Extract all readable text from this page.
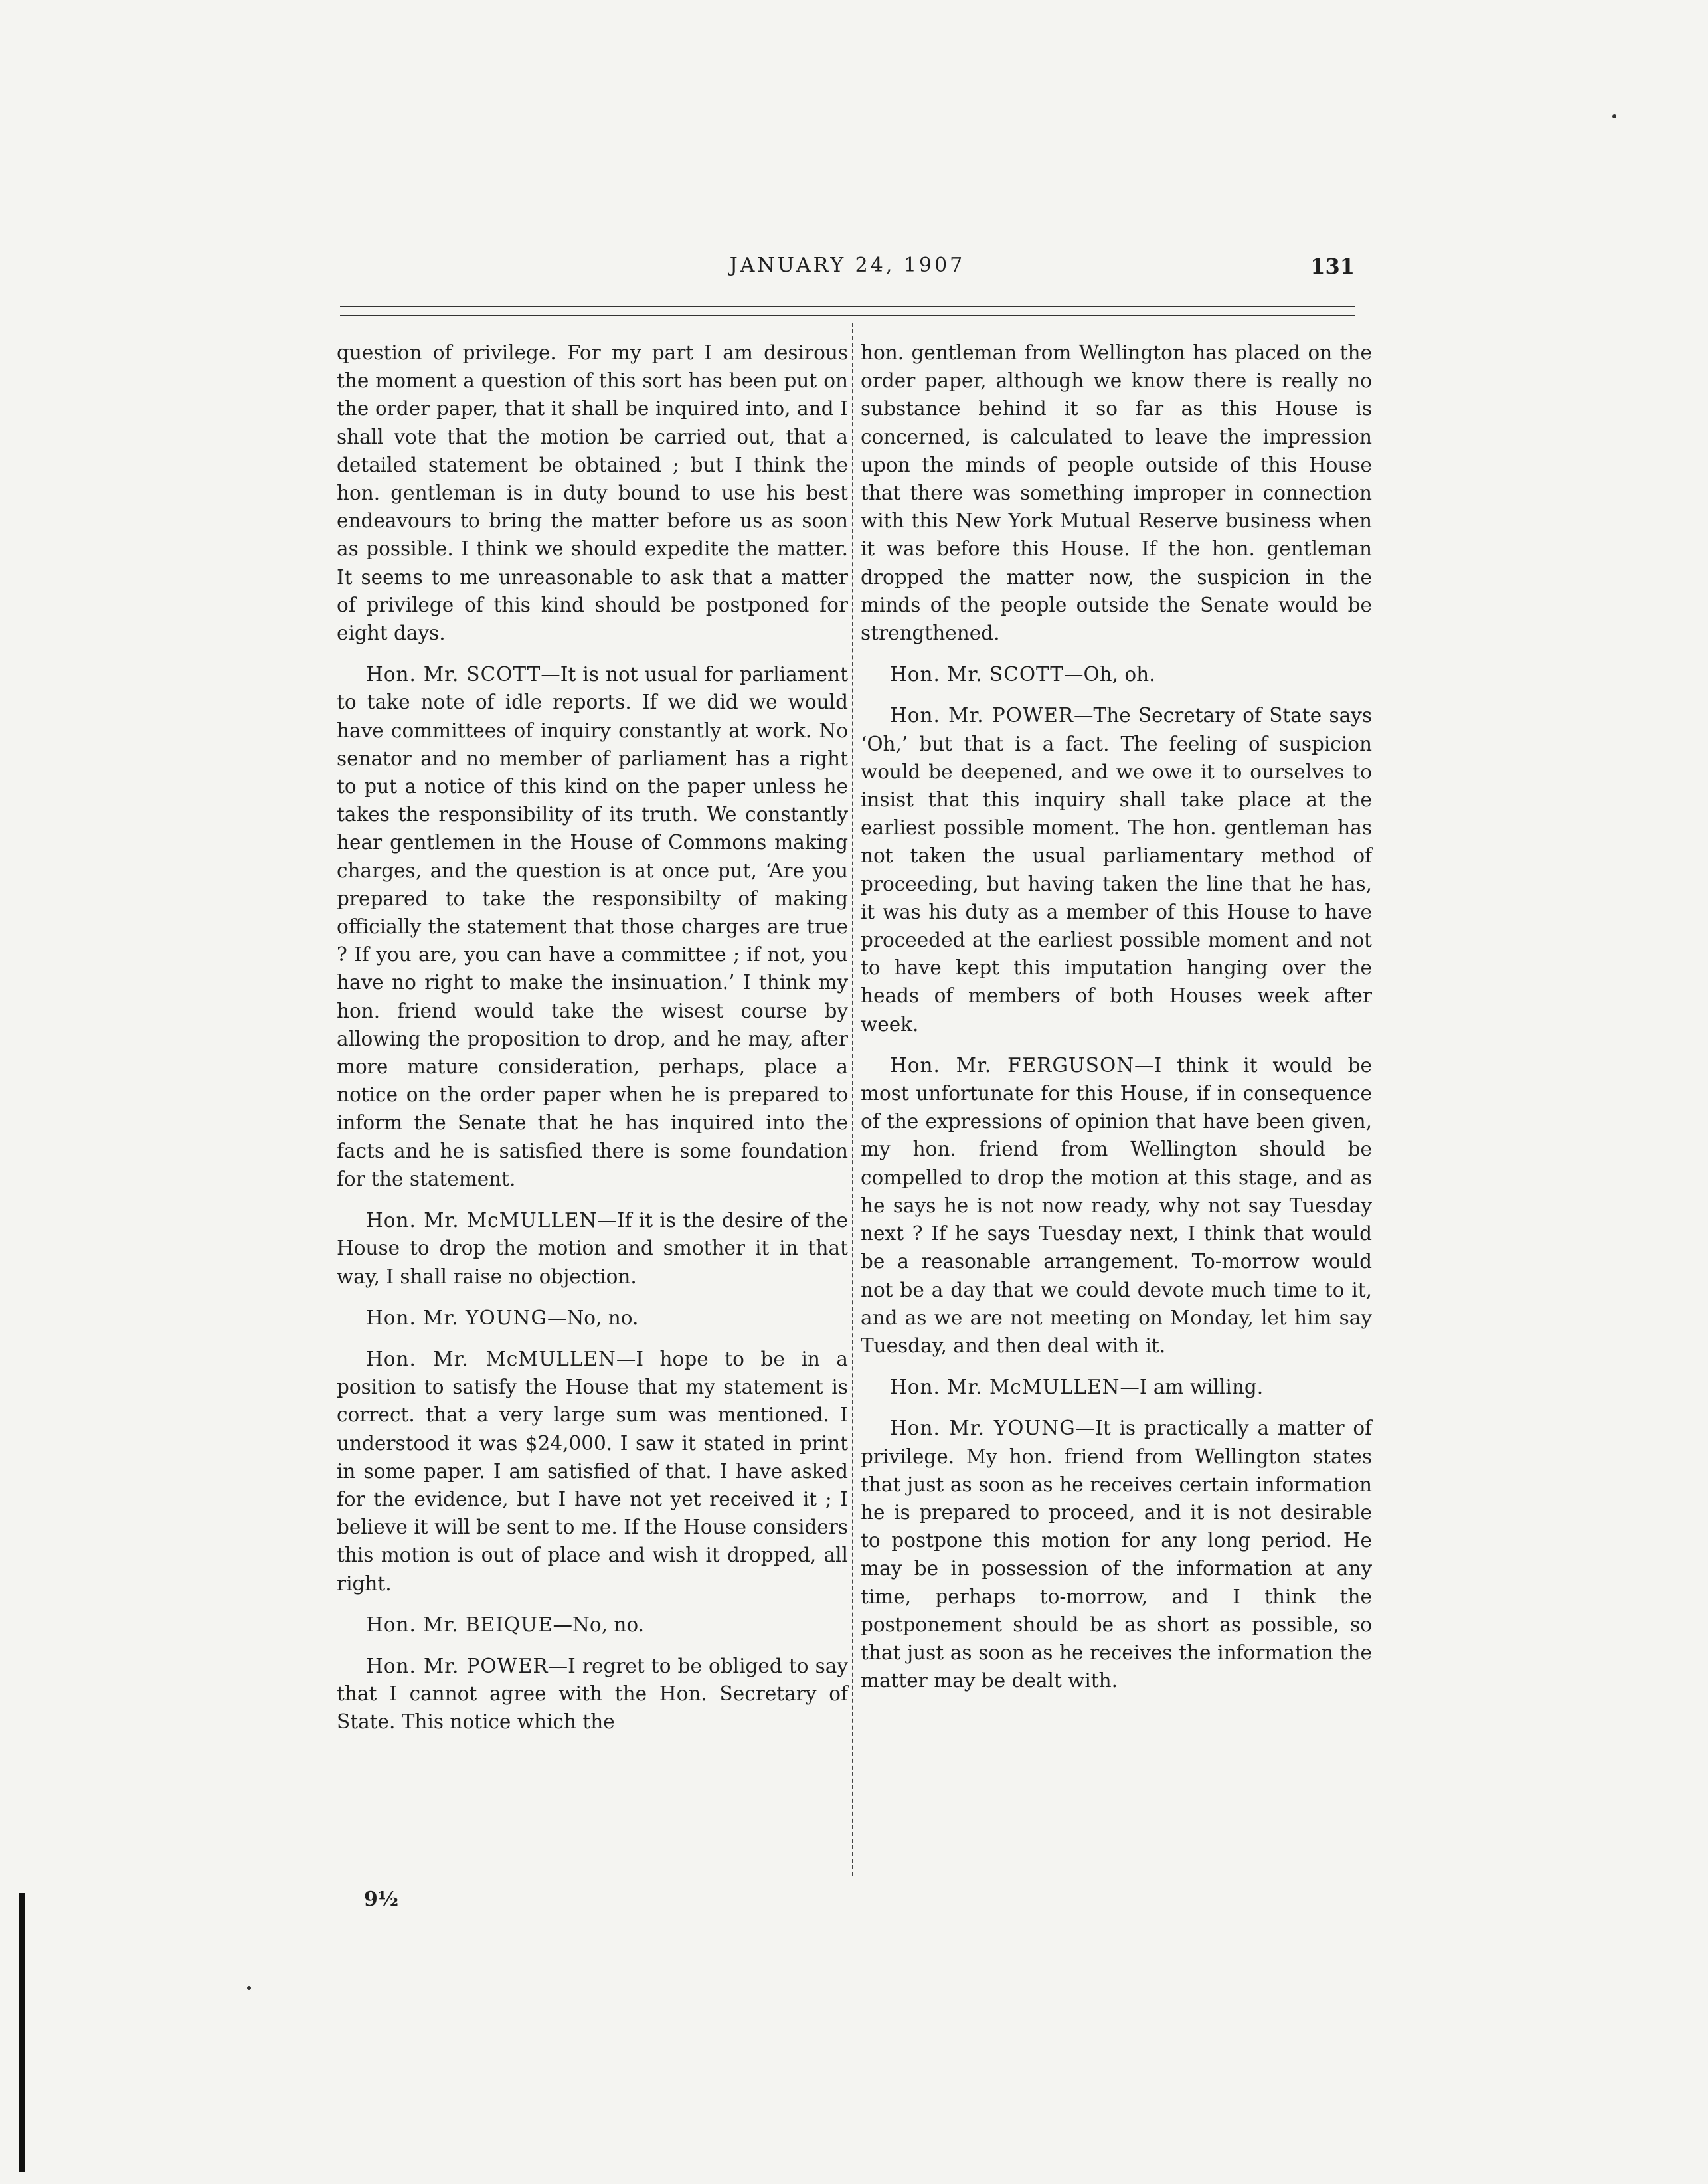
JANUARY 24, 1907	131

question of privilege. For my part I am desirous the moment a question of this sort has been put on the order paper, that it shall be inquired into, and I shall vote that the motion be carried out, that a detailed statement be obtained ; but I think the hon. gentleman is in duty bound to use his best endeavours to bring the matter before us as soon as possible. I think we should expedite the matter. It seems to me unreasonable to ask that a matter of privilege of this kind should be postponed for eight days.

Hon. Mr. SCOTT—It is not usual for parliament to take note of idle reports. If we did we would have committees of inquiry constantly at work. No senator and no member of parliament has a right to put a notice of this kind on the paper unless he takes the responsibility of its truth. We constantly hear gentlemen in the House of Commons making charges, and the question is at once put, ‘Are you prepared to take the responsibilty of making officially the statement that those charges are true ? If you are, you can have a committee ; if not, you have no right to make the insinuation.’ I think my hon. friend would take the wisest course by allowing the proposition to drop, and he may, after more mature consideration, perhaps, place a notice on the order paper when he is prepared to inform the Senate that he has inquired into the facts and he is satisfied there is some foundation for the statement.

Hon. Mr. McMULLEN—If it is the desire of the House to drop the motion and smother it in that way, I shall raise no objection.

Hon. Mr. YOUNG—No, no.

Hon. Mr. McMULLEN—I hope to be in a position to satisfy the House that my statement is correct. that a very large sum was mentioned. I understood it was $24,000. I saw it stated in print in some paper. I am satisfied of that. I have asked for the evidence, but I have not yet received it ; I believe it will be sent to me. If the House considers this motion is out of place and wish it dropped, all right.

Hon. Mr. BEIQUE—No, no.

Hon. Mr. POWER—I regret to be obliged to say that I cannot agree with the Hon. Secretary of State. This notice which the

hon. gentleman from Wellington has placed on the order paper, although we know there is really no substance behind it so far as this House is concerned, is calculated to leave the impression upon the minds of people outside of this House that there was something improper in connection with this New York Mutual Reserve business when it was before this House. If the hon. gentleman dropped the matter now, the suspicion in the minds of the people outside the Senate would be strengthened.

Hon. Mr. SCOTT—Oh, oh.

Hon. Mr. POWER—The Secretary of State says ‘Oh,’ but that is a fact. The feeling of suspicion would be deepened, and we owe it to ourselves to insist that this inquiry shall take place at the earliest possible moment. The hon. gentleman has not taken the usual parliamentary method of proceeding, but having taken the line that he has, it was his duty as a member of this House to have proceeded at the earliest possible moment and not to have kept this imputation hanging over the heads of members of both Houses week after week.

Hon. Mr. FERGUSON—I think it would be most unfortunate for this House, if in consequence of the expressions of opinion that have been given, my hon. friend from Wellington should be compelled to drop the motion at this stage, and as he says he is not now ready, why not say Tuesday next ? If he says Tuesday next, I think that would be a reasonable arrangement. To-morrow would not be a day that we could devote much time to it, and as we are not meeting on Monday, let him say Tuesday, and then deal with it.

Hon. Mr. McMULLEN—I am willing.

Hon. Mr. YOUNG—It is practically a matter of privilege. My hon. friend from Wellington states that just as soon as he receives certain information he is prepared to proceed, and it is not desirable to postpone this motion for any long period. He may be in possession of the information at any time, perhaps to-morrow, and I think the postponement should be as short as possible, so that just as soon as he receives the information the matter may be dealt with.

9½
